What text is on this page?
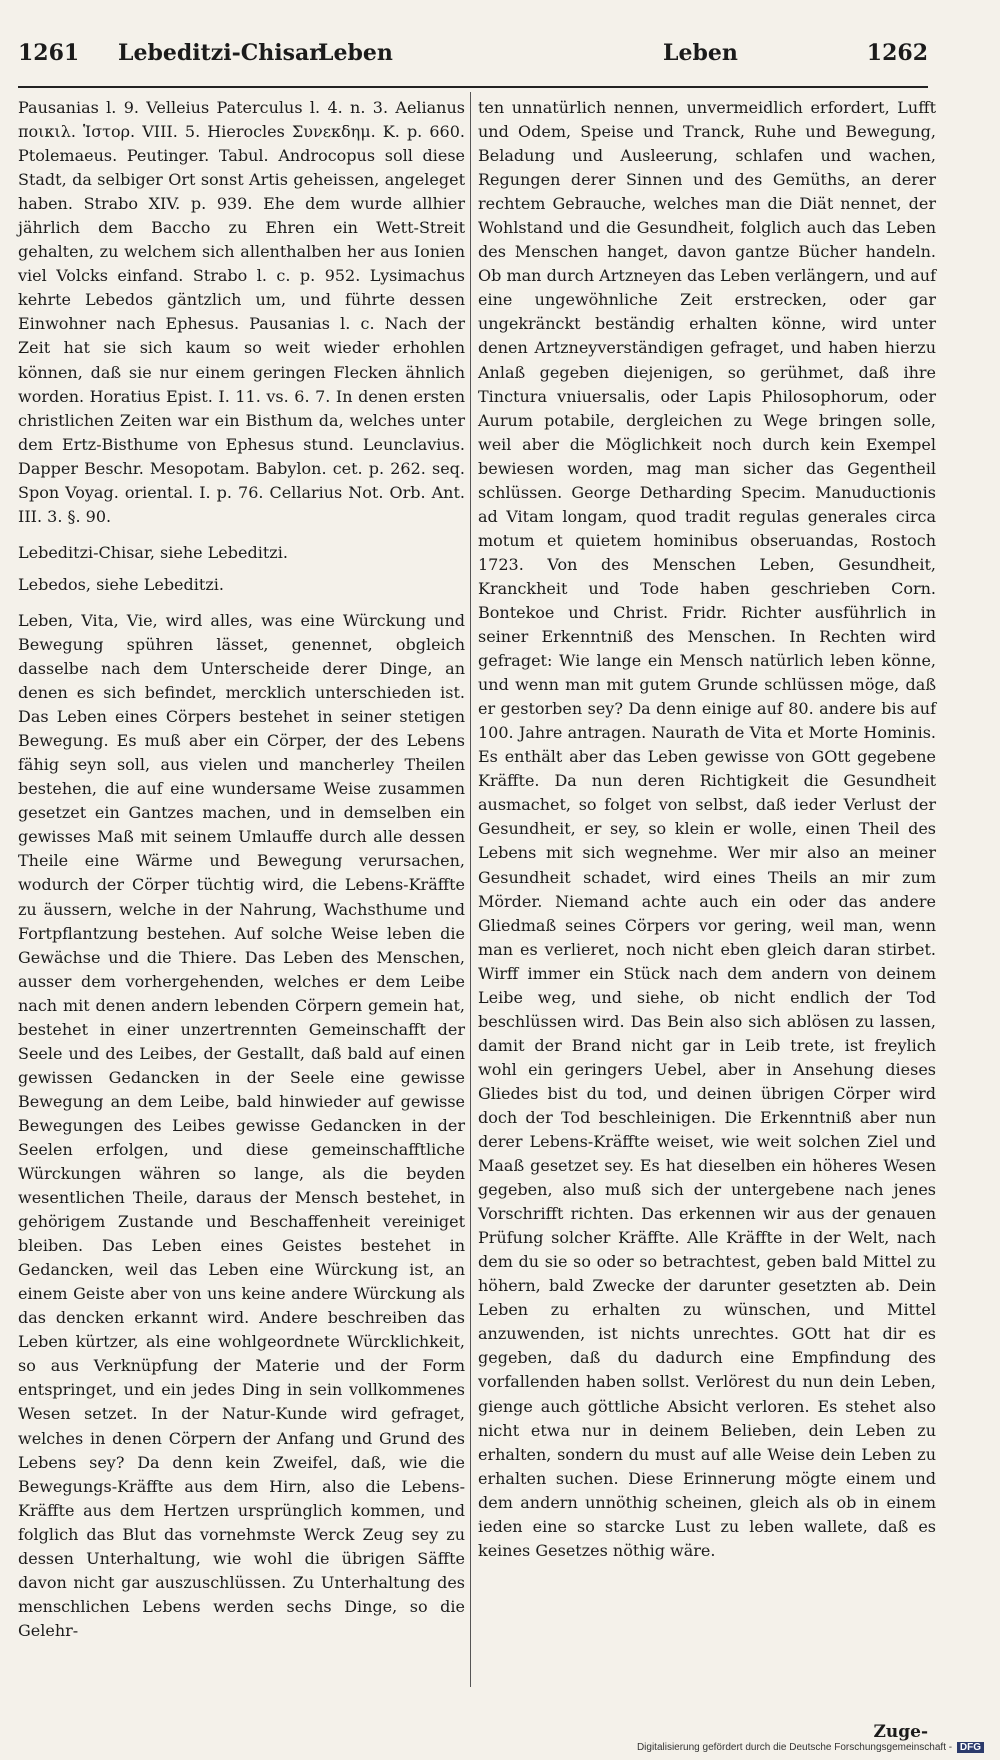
1261 Lebeditzi-Chisar
Leben	Leben	1262

Pausanias l. 9. Velleius Paterculus l. 4. n. 3. Aelianus ποικιλ. Ἱστορ. VIII. 5. Hierocles Συνεκδημ. K. p. 660. Ptolemaeus. Peutinger. Tabul. Androcopus soll diese Stadt, da selbiger Ort sonst Artis geheissen, angeleget haben. Strabo XIV. p. 939. Ehe dem wurde allhier jährlich dem Baccho zu Ehren ein Wett-Streit gehalten, zu welchem sich allenthalben her aus Ionien viel Volcks einfand. Strabo l. c. p. 952. Lysimachus kehrte Lebedos gäntzlich um, und führte dessen Einwohner nach Ephesus. Pausanias l. c. Nach der Zeit hat sie sich kaum so weit wieder erhohlen können, daß sie nur einem geringen Flecken ähnlich worden. Horatius Epist. I. 11. vs. 6. 7. In denen ersten christlichen Zeiten war ein Bisthum da, welches unter dem Ertz-Bisthume von Ephesus stund. Leunclavius. Dapper Beschr. Mesopotam. Babylon. cet. p. 262. seq. Spon Voyag. oriental. I. p. 76. Cellarius Not. Orb. Ant. III. 3. §. 90.

Lebeditzi-Chisar, siehe Lebeditzi.

Lebedos, siehe Lebeditzi.

Leben, Vita, Vie, wird alles, was eine Würckung und Bewegung spühren lässet, genennet, obgleich dasselbe nach dem Unterscheide derer Dinge, an denen es sich befindet, mercklich unterschieden ist. Das Leben eines Cörpers bestehet in seiner stetigen Bewegung. Es muß aber ein Cörper, der des Lebens fähig seyn soll, aus vielen und mancherley Theilen bestehen, die auf eine wundersame Weise zusammen gesetzet ein Gantzes machen, und in demselben ein gewisses Maß mit seinem Umlauffe durch alle dessen Theile eine Wärme und Bewegung verursachen, wodurch der Cörper tüchtig wird, die Lebens-Kräffte zu äussern, welche in der Nahrung, Wachsthume und Fortpflantzung bestehen. Auf solche Weise leben die Gewächse und die Thiere. Das Leben des Menschen, ausser dem vorhergehenden, welches er dem Leibe nach mit denen andern lebenden Cörpern gemein hat, bestehet in einer unzertrennten Gemeinschafft der Seele und des Leibes, der Gestallt, daß bald auf einen gewissen Gedancken in der Seele eine gewisse Bewegung an dem Leibe, bald hinwieder auf gewisse Bewegungen des Leibes gewisse Gedancken in der Seelen erfolgen, und diese gemeinschafftliche Würckungen währen so lange, als die beyden wesentlichen Theile, daraus der Mensch bestehet, in gehörigem Zustande und Beschaffenheit vereiniget bleiben. Das Leben eines Geistes bestehet in Gedancken, weil das Leben eine Würckung ist, an einem Geiste aber von uns keine andere Würckung als das dencken erkannt wird. Andere beschreiben das Leben kürtzer, als eine wohlgeordnete Würcklichkeit, so aus Verknüpfung der Materie und der Form entspringet, und ein jedes Ding in sein vollkommenes Wesen setzet. In der Natur-Kunde wird gefraget, welches in denen Cörpern der Anfang und Grund des Lebens sey? Da denn kein Zweifel, daß, wie die Bewegungs-Kräffte aus dem Hirn, also die Lebens-Kräffte aus dem Hertzen ursprünglich kommen, und folglich das Blut das vornehmste Werck Zeug sey zu dessen Unterhaltung, wie wohl die übrigen Säffte davon nicht gar auszuschlüssen. Zu Unterhaltung des menschlichen Lebens werden sechs Dinge, so die Gelehr-

ten unnatürlich nennen, unvermeidlich erfordert, Lufft und Odem, Speise und Tranck, Ruhe und Bewegung, Beladung und Ausleerung, schlafen und wachen, Regungen derer Sinnen und des Gemüths, an derer rechtem Gebrauche, welches man die Diät nennet, der Wohlstand und die Gesundheit, folglich auch das Leben des Menschen hanget, davon gantze Bücher handeln. Ob man durch Artzneyen das Leben verlängern, und auf eine ungewöhnliche Zeit erstrecken, oder gar ungekränckt beständig erhalten könne, wird unter denen Artzneyverständigen gefraget, und haben hierzu Anlaß gegeben diejenigen, so gerühmet, daß ihre Tinctura vniuersalis, oder Lapis Philosophorum, oder Aurum potabile, dergleichen zu Wege bringen solle, weil aber die Möglichkeit noch durch kein Exempel bewiesen worden, mag man sicher das Gegentheil schlüssen. George Detharding Specim. Manuductionis ad Vitam longam, quod tradit regulas generales circa motum et quietem hominibus obseruandas, Rostoch 1723. Von des Menschen Leben, Gesundheit, Kranckheit und Tode haben geschrieben Corn. Bontekoe und Christ. Fridr. Richter ausführlich in seiner Erkenntniß des Menschen. In Rechten wird gefraget: Wie lange ein Mensch natürlich leben könne, und wenn man mit gutem Grunde schlüssen möge, daß er gestorben sey? Da denn einige auf 80. andere bis auf 100. Jahre antragen. Naurath de Vita et Morte Hominis. Es enthält aber das Leben gewisse von GOtt gegebene Kräffte. Da nun deren Richtigkeit die Gesundheit ausmachet, so folget von selbst, daß ieder Verlust der Gesundheit, er sey, so klein er wolle, einen Theil des Lebens mit sich wegnehme. Wer mir also an meiner Gesundheit schadet, wird eines Theils an mir zum Mörder. Niemand achte auch ein oder das andere Gliedmaß seines Cörpers vor gering, weil man, wenn man es verlieret, noch nicht eben gleich daran stirbet. Wirff immer ein Stück nach dem andern von deinem Leibe weg, und siehe, ob nicht endlich der Tod beschlüssen wird. Das Bein also sich ablösen zu lassen, damit der Brand nicht gar in Leib trete, ist freylich wohl ein geringers Uebel, aber in Ansehung dieses Gliedes bist du tod, und deinen übrigen Cörper wird doch der Tod beschleinigen. Die Erkenntniß aber nun derer Lebens-Kräffte weiset, wie weit solchen Ziel und Maaß gesetzet sey. Es hat dieselben ein höheres Wesen gegeben, also muß sich der untergebene nach jenes Vorschrifft richten. Das erkennen wir aus der genauen Prüfung solcher Kräffte. Alle Kräffte in der Welt, nach dem du sie so oder so betrachtest, geben bald Mittel zu höhern, bald Zwecke der darunter gesetzten ab. Dein Leben zu erhalten zu wünschen, und Mittel anzuwenden, ist nichts unrechtes. GOtt hat dir es gegeben, daß du dadurch eine Empfindung des vorfallenden haben sollst. Verlörest du nun dein Leben, gienge auch göttliche Absicht verloren. Es stehet also nicht etwa nur in deinem Belieben, dein Leben zu erhalten, sondern du must auf alle Weise dein Leben zu erhalten suchen. Diese Erinnerung mögte einem und dem andern unnöthig scheinen, gleich als ob in einem ieden eine so starcke Lust zu leben wallete, daß es keines Gesetzes nöthig wäre.

Zuge-
Digitalisierung gefördert durch die Deutsche Forschungsgemeinschaft - DFG
